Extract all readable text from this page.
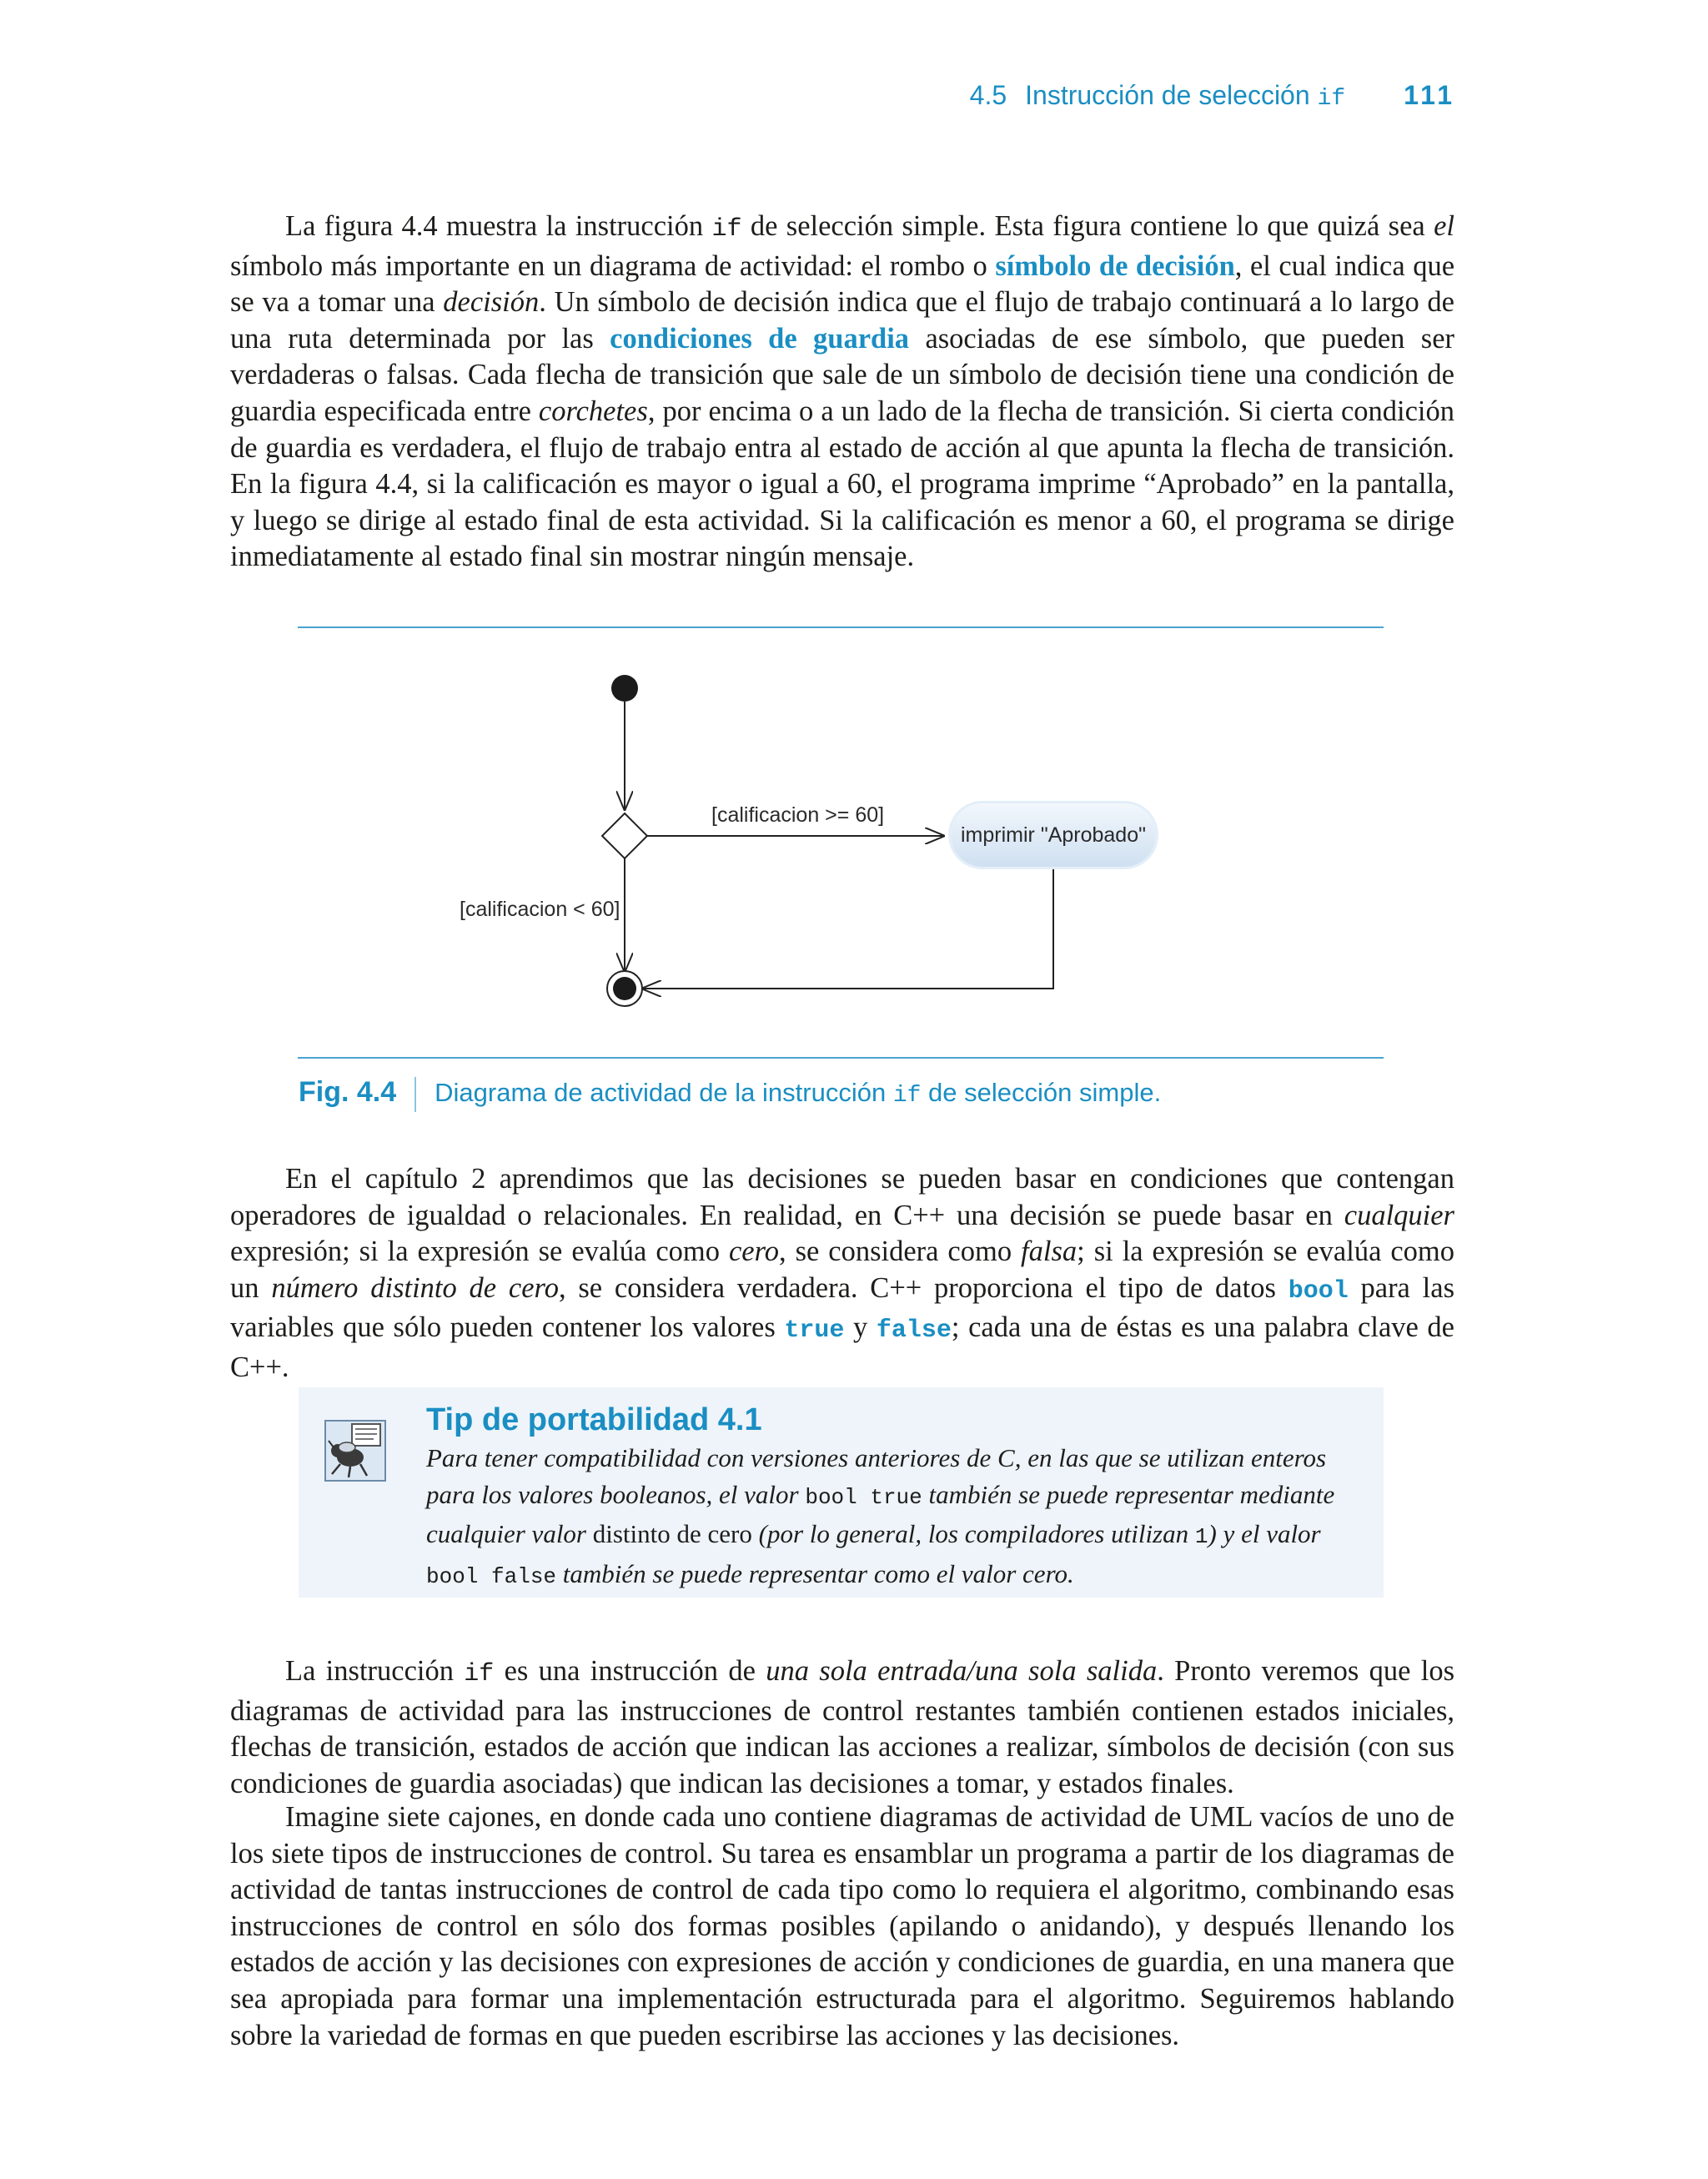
4.5 Instrucción de selección if 111

La figura 4.4 muestra la instrucción if de selección simple. Esta figura contiene lo que quizá sea el símbolo más importante en un diagrama de actividad: el rombo o símbolo de decisión, el cual indica que se va a tomar una decisión. Un símbolo de decisión indica que el flujo de trabajo continuará a lo largo de una ruta determinada por las condiciones de guardia asociadas de ese símbolo, que pueden ser verdaderas o falsas. Cada flecha de transición que sale de un símbolo de decisión tiene una condición de guardia especificada entre corchetes, por encima o a un lado de la flecha de transición. Si cierta condición de guardia es verdadera, el flujo de trabajo entra al estado de acción al que apunta la flecha de transición. En la figura 4.4, si la calificación es mayor o igual a 60, el programa imprime “Aprobado” en la pantalla, y luego se dirige al estado final de esta actividad. Si la calificación es menor a 60, el programa se dirige inmediatamente al estado final sin mostrar ningún mensaje.

[calificacion >= 60]
[calificacion < 60]
imprimir "Aprobado"
Fig. 4.4 Diagrama de actividad de la instrucción if de selección simple.

En el capítulo 2 aprendimos que las decisiones se pueden basar en condiciones que contengan operadores de igualdad o relacionales. En realidad, en C++ una decisión se puede basar en cualquier expresión; si la expresión se evalúa como cero, se considera como falsa; si la expresión se evalúa como un número distinto de cero, se considera verdadera. C++ proporciona el tipo de datos bool para las variables que sólo pueden contener los valores true y false; cada una de éstas es una palabra clave de C++.

Tip de portabilidad 4.1
Para tener compatibilidad con versiones anteriores de C, en las que se utilizan enteros para los valores booleanos, el valor bool true también se puede representar mediante cualquier valor distinto de cero (por lo general, los compiladores utilizan 1) y el valor bool false también se puede representar como el valor cero.

La instrucción if es una instrucción de una sola entrada/una sola salida. Pronto veremos que los diagramas de actividad para las instrucciones de control restantes también contienen estados iniciales, flechas de transición, estados de acción que indican las acciones a realizar, símbolos de decisión (con sus condiciones de guardia asociadas) que indican las decisiones a tomar, y estados finales.

Imagine siete cajones, en donde cada uno contiene diagramas de actividad de UML vacíos de uno de los siete tipos de instrucciones de control. Su tarea es ensamblar un programa a partir de los diagramas de actividad de tantas instrucciones de control de cada tipo como lo requiera el algoritmo, combinando esas instrucciones de control en sólo dos formas posibles (apilando o anidando), y después llenando los estados de acción y las decisiones con expresiones de acción y condiciones de guardia, en una manera que sea apropiada para formar una implementación estructurada para el algoritmo. Seguiremos hablando sobre la variedad de formas en que pueden escribirse las acciones y las decisiones.
